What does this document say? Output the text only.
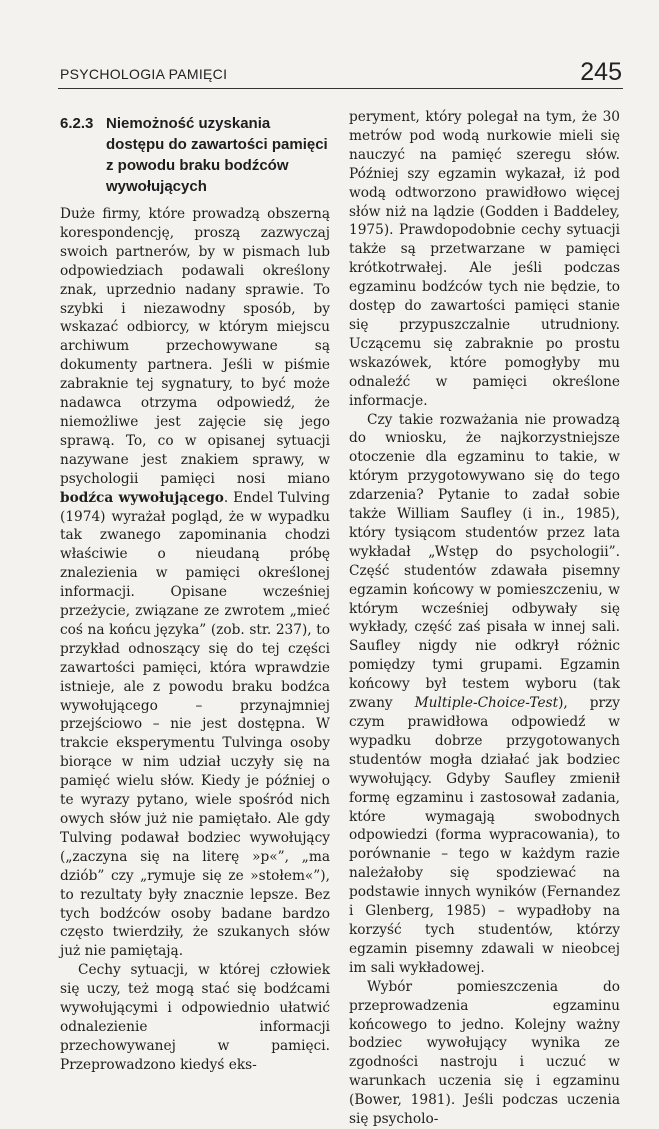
PSYCHOLOGIA PAMIĘCI	245
6.2.3 Niemożność uzyskania dostępu do zawartości pamięci z powodu braku bodźców wywołujących

Duże firmy, które prowadzą obszerną korespondencję, proszą zazwyczaj swoich partnerów, by w pismach lub odpowiedziach podawali określony znak, uprzednio nadany sprawie. To szybki i niezawodny sposób, by wskazać odbiorcy, w którym miejscu archiwum przechowywane są dokumenty partnera. Jeśli w piśmie zabraknie tej sygnatury, to być może nadawca otrzyma odpowiedź, że niemożliwe jest zajęcie się jego sprawą. To, co w opisanej sytuacji nazywane jest znakiem sprawy, w psychologii pamięci nosi miano bodźca wywołującego. Endel Tulving (1974) wyrażał pogląd, że w wypadku tak zwanego zapominania chodzi właściwie o nieudaną próbę znalezienia w pamięci określonej informacji. Opisane wcześniej przeżycie, związane ze zwrotem „mieć coś na końcu języka” (zob. str. 237), to przykład odnoszący się do tej części zawartości pamięci, która wprawdzie istnieje, ale z powodu braku bodźca wywołującego – przynajmniej przejściowo – nie jest dostępna. W trakcie eksperymentu Tulvinga osoby biorące w nim udział uczyły się na pamięć wielu słów. Kiedy je później o te wyrazy pytano, wiele spośród nich owych słów już nie pamiętało. Ale gdy Tulving podawał bodziec wywołujący („zaczyna się na literę »p«”, „ma dziób” czy „rymuje się ze »stołem«”), to rezultaty były znacznie lepsze. Bez tych bodźców osoby badane bardzo często twierdziły, że szukanych słów już nie pamiętają.

Cechy sytuacji, w której człowiek się uczy, też mogą stać się bodźcami wywołującymi i odpowiednio ułatwić odnalezienie informacji przechowywanej w pamięci. Przeprowadzono kiedyś eks-

peryment, który polegał na tym, że 30 metrów pod wodą nurkowie mieli się nauczyć na pamięć szeregu słów. Później szy egzamin wykazał, iż pod wodą odtworzono prawidłowo więcej słów niż na lądzie (Godden i Baddeley, 1975). Prawdopodobnie cechy sytuacji także są przetwarzane w pamięci krótkotrwałej. Ale jeśli podczas egzaminu bodźców tych nie będzie, to dostęp do zawartości pamięci stanie się przypuszczalnie utrudniony. Uczącemu się zabraknie po prostu wskazówek, które pomogłyby mu odnaleźć w pamięci określone informacje.

Czy takie rozważania nie prowadzą do wniosku, że najkorzystniejsze otoczenie dla egzaminu to takie, w którym przygotowywano się do tego zdarzenia? Pytanie to zadał sobie także William Saufley (i in., 1985), który tysiącom studentów przez lata wykładał „Wstęp do psychologii”. Część studentów zdawała pisemny egzamin końcowy w pomieszczeniu, w którym wcześniej odbywały się wykłady, część zaś pisała w innej sali. Saufley nigdy nie odkrył różnic pomiędzy tymi grupami. Egzamin końcowy był testem wyboru (tak zwany Multiple-Choice-Test), przy czym prawidłowa odpowiedź w wypadku dobrze przygotowanych studentów mogła działać jak bodziec wywołujący. Gdyby Saufley zmienił formę egzaminu i zastosował zadania, które wymagają swobodnych odpowiedzi (forma wypracowania), to porównanie – tego w każdym razie należałoby się spodziewać na podstawie innych wyników (Fernandez i Glenberg, 1985) – wypadłoby na korzyść tych studentów, którzy egzamin pisemny zdawali w nieobcej im sali wykładowej.

Wybór pomieszczenia do przeprowadzenia egzaminu końcowego to jedno. Kolejny ważny bodziec wywołujący wynika ze zgodności nastroju i uczuć w warunkach uczenia się i egzaminu (Bower, 1981). Jeśli podczas uczenia się psycholo-
